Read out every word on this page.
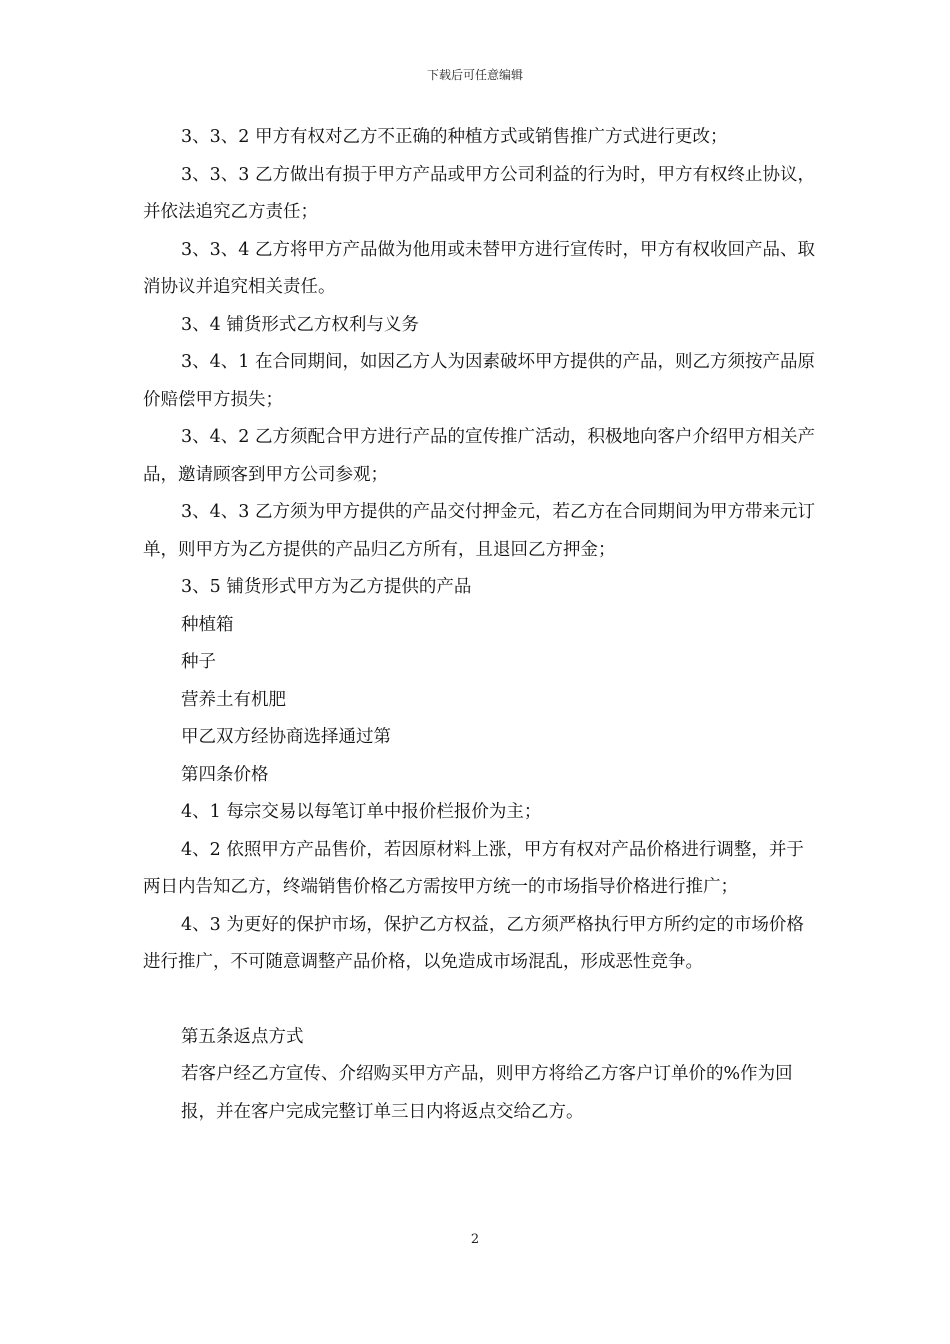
下载后可任意编辑

3、3、2 甲方有权对乙方不正确的种植方式或销售推广方式进行更改；

3、3、3 乙方做出有损于甲方产品或甲方公司利益的行为时，甲方有权终止协议，并依法追究乙方责任；

3、3、4 乙方将甲方产品做为他用或未替甲方进行宣传时，甲方有权收回产品、取消协议并追究相关责任。

3、4 铺货形式乙方权利与义务

3、4、1 在合同期间，如因乙方人为因素破坏甲方提供的产品，则乙方须按产品原价赔偿甲方损失；

3、4、2 乙方须配合甲方进行产品的宣传推广活动，积极地向客户介绍甲方相关产品，邀请顾客到甲方公司参观；

3、4、3 乙方须为甲方提供的产品交付押金元，若乙方在合同期间为甲方带来元订单，则甲方为乙方提供的产品归乙方所有，且退回乙方押金；

3、5 铺货形式甲方为乙方提供的产品

种植箱

种子

营养土有机肥

甲乙双方经协商选择通过第

第四条价格

4、1 每宗交易以每笔订单中报价栏报价为主；

4、2 依照甲方产品售价，若因原材料上涨，甲方有权对产品价格进行调整，并于两日内告知乙方，终端销售价格乙方需按甲方统一的市场指导价格进行推广；

4、3 为更好的保护市场，保护乙方权益，乙方须严格执行甲方所约定的市场价格进行推广，不可随意调整产品价格，以免造成市场混乱，形成恶性竞争。

第五条返点方式

若客户经乙方宣传、介绍购买甲方产品，则甲方将给乙方客户订单价的%作为回

报，并在客户完成完整订单三日内将返点交给乙方。

2
